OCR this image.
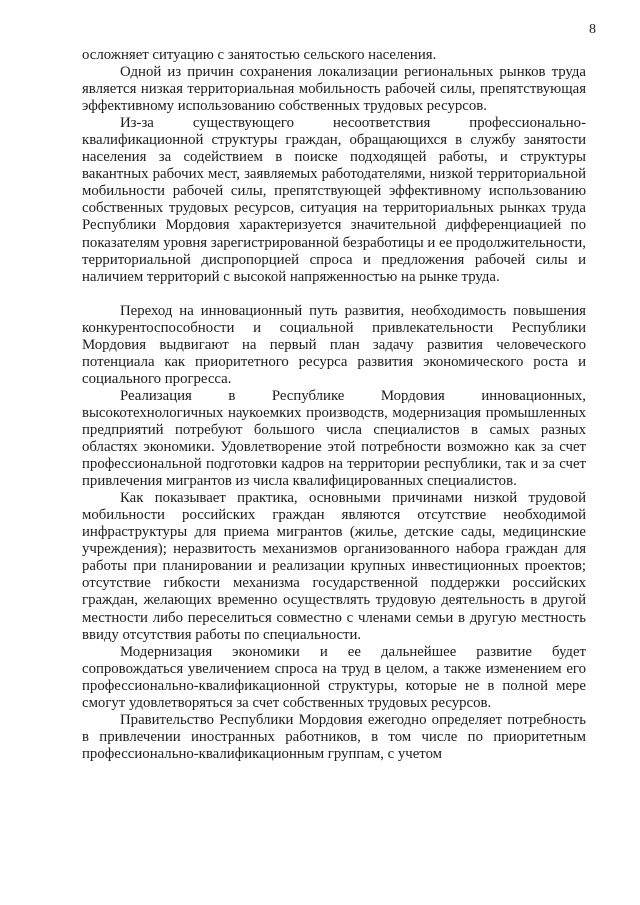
8

осложняет ситуацию с занятостью сельского населения.

Одной из причин сохранения локализации региональных рынков труда является низкая территориальная мобильность рабочей силы, препятствующая эффективному использованию собственных трудовых ресурсов.

Из-за существующего несоответствия профессионально-квалификационной структуры граждан, обращающихся в службу занятости населения за содействием в поиске подходящей работы, и структуры вакантных рабочих мест, заявляемых работодателями, низкой территориальной мобильности рабочей силы, препятствующей эффективному использованию собственных трудовых ресурсов, ситуация на территориальных рынках труда Республики Мордовия характеризуется значительной дифференциацией по показателям уровня зарегистрированной безработицы и ее продолжительности, территориальной диспропорцией спроса и предложения рабочей силы и наличием территорий с высокой напряженностью на рынке труда.

Переход на инновационный путь развития, необходимость повышения конкурентоспособности и социальной привлекательности Республики Мордовия выдвигают на первый план задачу развития человеческого потенциала как приоритетного ресурса развития экономического роста и социального прогресса.

Реализация в Республике Мордовия инновационных, высокотехнологичных наукоемких производств, модернизация промышленных предприятий потребуют большого числа специалистов в самых разных областях экономики. Удовлетворение этой потребности возможно как за счет профессиональной подготовки кадров на территории республики, так и за счет привлечения мигрантов из числа квалифицированных специалистов.

Как показывает практика, основными причинами низкой трудовой мобильности российских граждан являются отсутствие необходимой инфраструктуры для приема мигрантов (жилье, детские сады, медицинские учреждения); неразвитость механизмов организованного набора граждан для работы при планировании и реализации крупных инвестиционных проектов; отсутствие гибкости механизма государственной поддержки российских граждан, желающих временно осуществлять трудовую деятельность в другой местности либо переселиться совместно с членами семьи в другую местность ввиду отсутствия работы по специальности.

Модернизация экономики и ее дальнейшее развитие будет сопровождаться увеличением спроса на труд в целом, а также изменением его профессионально-квалификационной структуры, которые не в полной мере смогут удовлетворяться за счет собственных трудовых ресурсов.

Правительство Республики Мордовия ежегодно определяет потребность в привлечении иностранных работников, в том числе по приоритетным профессионально-квалификационным группам, с учетом
